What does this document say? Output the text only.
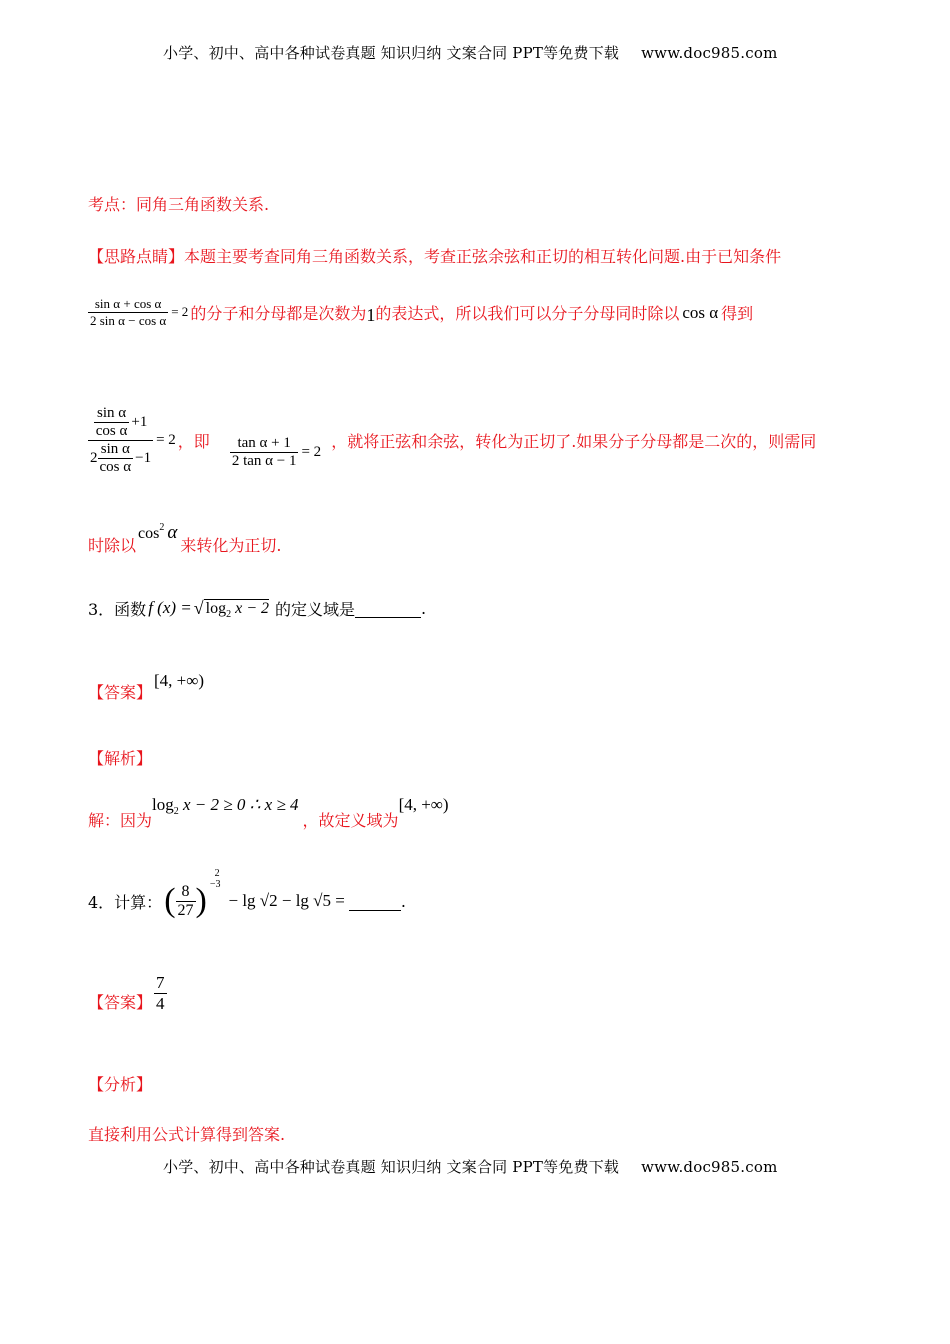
小学、初中、高中各种试卷真题 知识归纳 文案合同 PPT等免费下载 www.doc985.com
考点：同角三角函数关系.
【思路点睛】本题主要考查同角三角函数关系，考查正弦余弦和正切的相互转化问题.由于已知条件
$\frac{\text{sin α + cos α}}{\text{2 sin α − cos α}} = 2$ 的分子和分母都是次数为 1 的表达式，所以我们可以分子分母同时除以 cos α 得到
$\frac{\frac{\text{sin α}}{\text{cos α}} +1}{2 \frac{\text{sin α}}{\text{cos α}} -1} = 2$ ，即 $\frac{\text{tan α + 1}}{\text{2 tan α − 1}} = 2$
，就将正弦和余弦，转化为正切了.如果分子分母都是二次的，则需同
时除以
$\cos^2 \alpha$
来转化为正切.
3．函数 f (x) = √ $\log_2 x - 2$ 的定义域是
	.
【答案】[4, +∞)
【解析】
解：因为$\log_2 x - 2 \ge 0$ ∴ x ≥ 4，故定义域为[4, +∞)
4．计算： ( $\frac{8}{27}$ )
2
−3
− lg √2 − lg √5 =
	.
【答案】 $\frac{7}{4}$
【分析】
直接利用公式计算得到答案.
小学、初中、高中各种试卷真题 知识归纳 文案合同 PPT等免费下载 www.doc985.com
